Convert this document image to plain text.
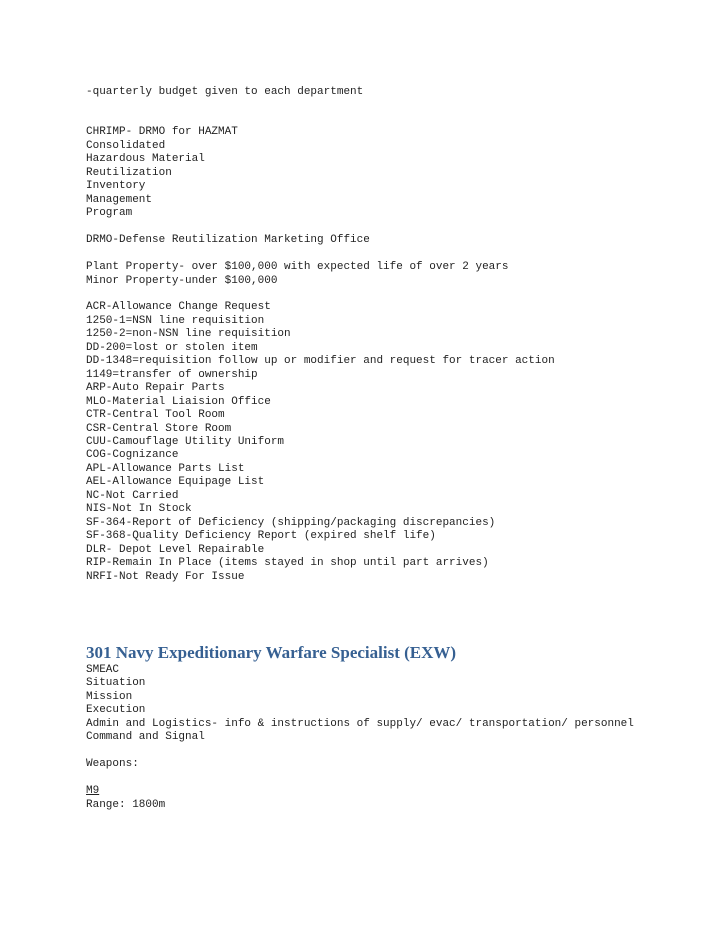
-quarterly budget given to each department

CHRIMP- DRMO for HAZMAT

Consolidated

Hazardous Material

Reutilization

Inventory

Management

Program

DRMO-Defense Reutilization Marketing Office

Plant Property- over $100,000 with expected life of over 2 years

Minor Property-under $100,000

ACR-Allowance Change Request

1250-1=NSN line requisition

1250-2=non-NSN line requisition

DD-200=lost or stolen item

DD-1348=requisition follow up or modifier and request for tracer action

1149=transfer of ownership

ARP-Auto Repair Parts

MLO-Material Liaision Office

CTR-Central Tool Room

CSR-Central Store Room

CUU-Camouflage Utility Uniform

COG-Cognizance

APL-Allowance Parts List

AEL-Allowance Equipage List

NC-Not Carried

NIS-Not In Stock

SF-364-Report of Deficiency (shipping/packaging discrepancies)

SF-368-Quality Deficiency Report (expired shelf life)

DLR- Depot Level Repairable

RIP-Remain In Place (items stayed in shop until part arrives)

NRFI-Not Ready For Issue

301 Navy Expeditionary Warfare Specialist (EXW)

SMEAC

Situation

Mission

Execution

Admin and Logistics- info & instructions of supply/ evac/ transportation/ personnel

Command and Signal

Weapons:

M9

Range: 1800m
